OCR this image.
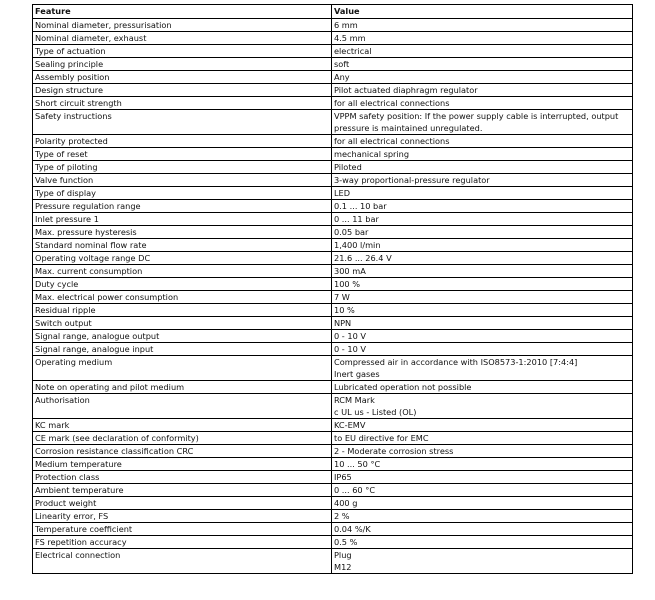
Feature	Value
Nominal diameter, pressurisation	6 mm

Nominal diameter, exhaust	4.5 mm

Type of actuation	electrical

Sealing principle	soft

Assembly position	Any

Design structure	Pilot actuated diaphragm regulator

Short circuit strength	for all electrical connections

Safety instructions	VPPM safety position: If the power supply cable is interrupted, output pressure is maintained unregulated.

Polarity protected	for all electrical connections

Type of reset	mechanical spring

Type of piloting	Piloted

Valve function	3-way proportional-pressure regulator

Type of display	LED

Pressure regulation range	0.1 ... 10 bar

Inlet pressure 1	0 ... 11 bar

Max. pressure hysteresis	0.05 bar

Standard nominal flow rate	1,400 l/min

Operating voltage range DC	21.6 ... 26.4 V

Max. current consumption	300 mA

Duty cycle	100 %

Max. electrical power consumption	7 W

Residual ripple	10 %

Switch output	NPN

Signal range, analogue output	0 - 10 V

Signal range, analogue input	0 - 10 V

Operating medium	Compressed air in accordance with ISO8573-1:2010 [7:4:4]
Inert gases

Note on operating and pilot medium	Lubricated operation not possible

Authorisation	RCM Mark
c UL us - Listed (OL)

KC mark	KC-EMV

CE mark (see declaration of conformity)	to EU directive for EMC

Corrosion resistance classification CRC	2 - Moderate corrosion stress

Medium temperature	10 ... 50 °C

Protection class	IP65

Ambient temperature	0 ... 60 °C

Product weight	400 g

Linearity error, FS	2 %

Temperature coefficient	0.04 %/K

FS repetition accuracy	0.5 %

Electrical connection	Plug
M12
